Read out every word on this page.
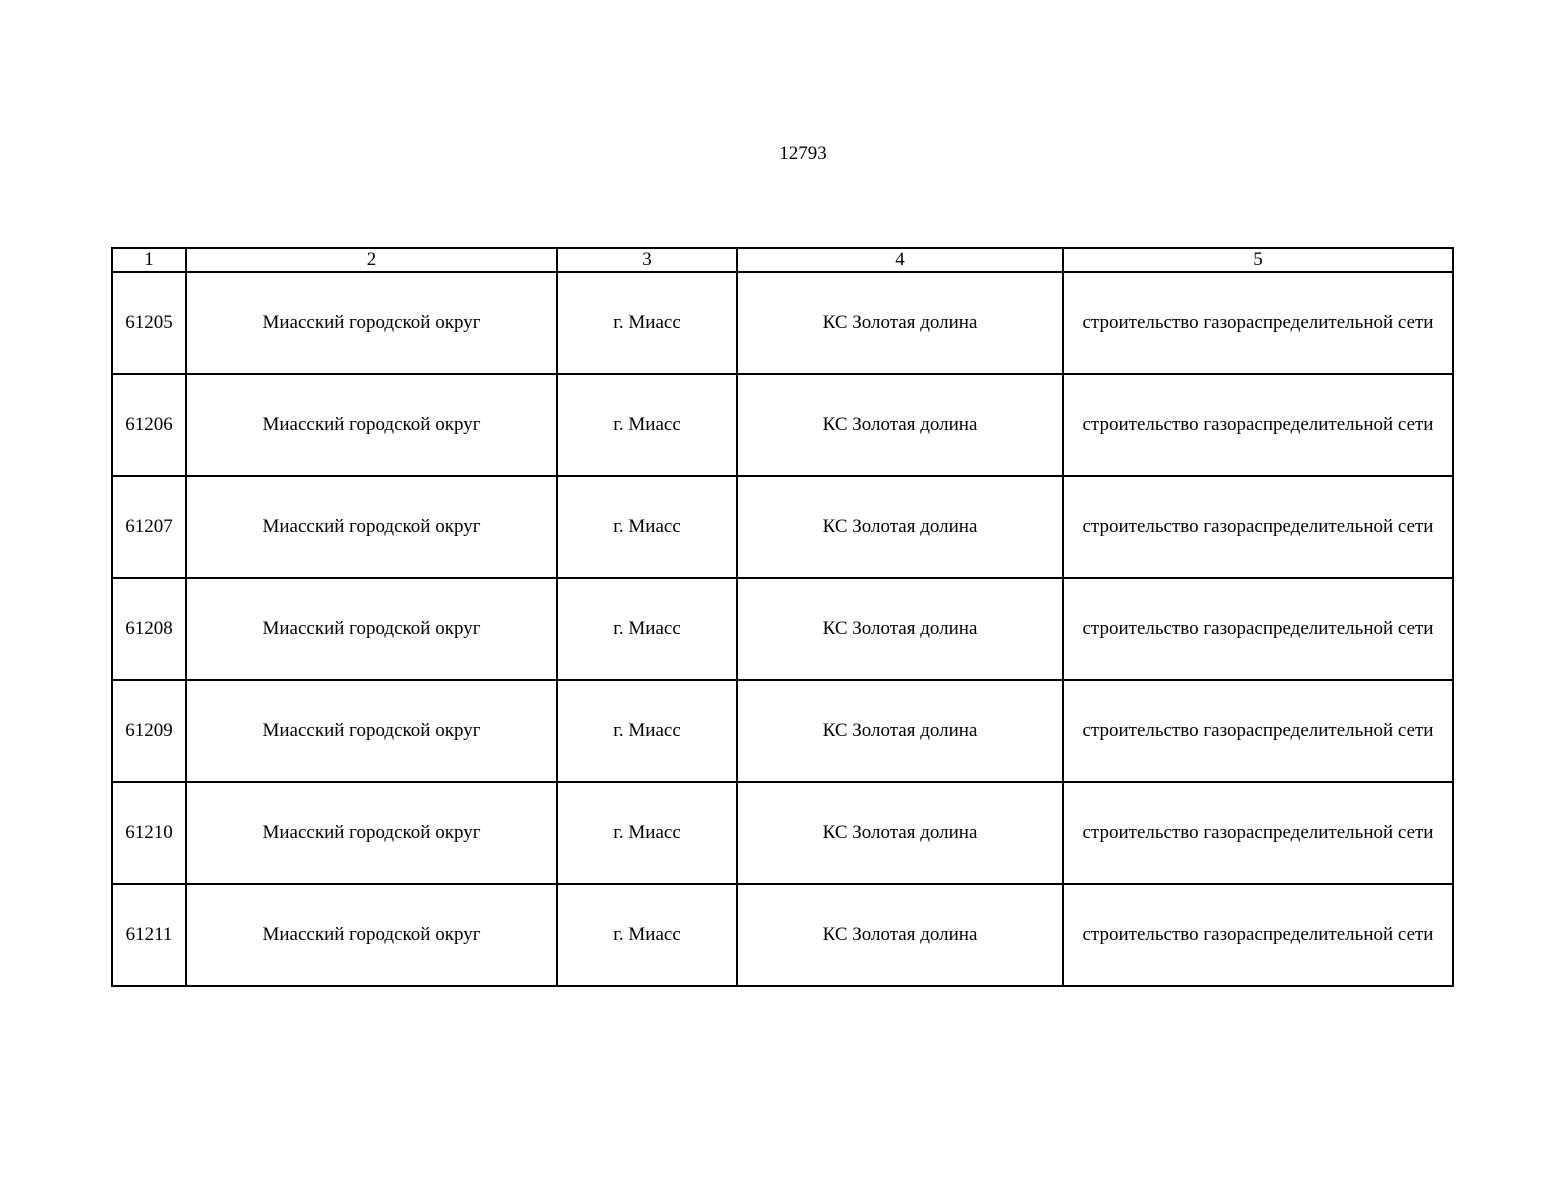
12793
1	2	3	4	5
61205	Миасский городской округ	г. Миасс	КС Золотая долина	строительство газораспределительной сети
61206	Миасский городской округ	г. Миасс	КС Золотая долина	строительство газораспределительной сети
61207	Миасский городской округ	г. Миасс	КС Золотая долина	строительство газораспределительной сети
61208	Миасский городской округ	г. Миасс	КС Золотая долина	строительство газораспределительной сети
61209	Миасский городской округ	г. Миасс	КС Золотая долина	строительство газораспределительной сети
61210	Миасский городской округ	г. Миасс	КС Золотая долина	строительство газораспределительной сети
61211	Миасский городской округ	г. Миасс	КС Золотая долина	строительство газораспределительной сети
